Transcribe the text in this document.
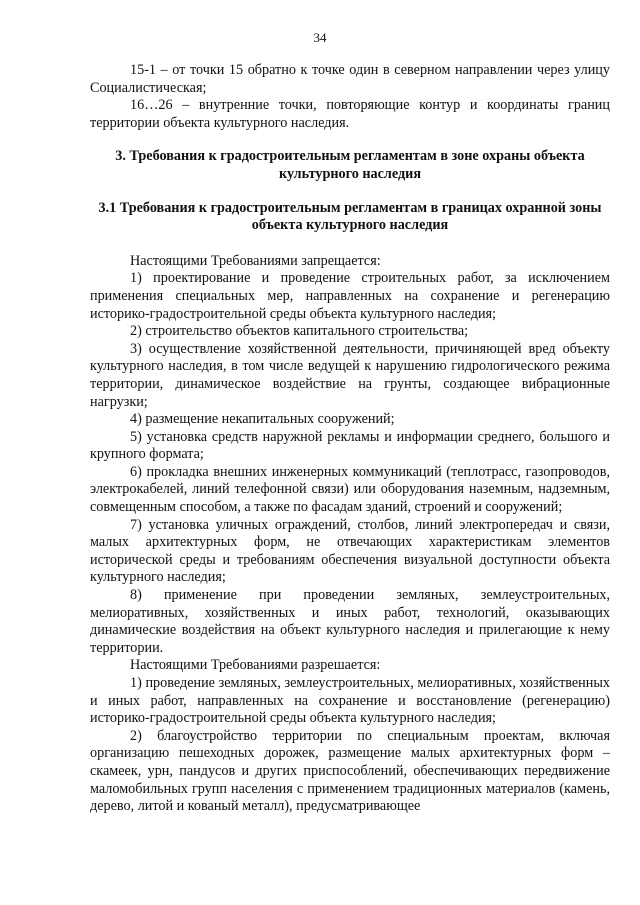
34

15-1 – от точки 15 обратно к точке один в северном направлении через улицу Социалистическая;

16…26 – внутренние точки, повторяющие контур и координаты границ территории объекта культурного наследия.

3. Требования к градостроительным регламентам в зоне охраны объекта культурного наследия

3.1 Требования к градостроительным регламентам в границах охранной зоны объекта культурного наследия

Настоящими Требованиями запрещается:

1) проектирование и проведение строительных работ, за исключением применения специальных мер, направленных на сохранение и регенерацию историко-градостроительной среды объекта культурного наследия;

2) строительство объектов капитального строительства;

3) осуществление хозяйственной деятельности, причиняющей вред объекту культурного наследия, в том числе ведущей к нарушению гидрологического режима территории, динамическое воздействие на грунты, создающее вибрационные нагрузки;

4) размещение некапитальных сооружений;

5) установка средств наружной рекламы и информации среднего, большого и крупного формата;

6) прокладка внешних инженерных коммуникаций (теплотрасс, газопроводов, электрокабелей, линий телефонной связи) или оборудования наземным, надземным, совмещенным способом, а также по фасадам зданий, строений и сооружений;

7) установка уличных ограждений, столбов, линий электропередач и связи, малых архитектурных форм, не отвечающих характеристикам элементов исторической среды и требованиям обеспечения визуальной доступности объекта культурного наследия;

8) применение при проведении земляных, землеустроительных, мелиоративных, хозяйственных и иных работ, технологий, оказывающих динамические воздействия на объект культурного наследия и прилегающие к нему территории.

Настоящими Требованиями разрешается:

1) проведение земляных, землеустроительных, мелиоративных, хозяйственных и иных работ, направленных на сохранение и восстановление (регенерацию) историко-градостроительной среды объекта культурного наследия;

2) благоустройство территории по специальным проектам, включая организацию пешеходных дорожек, размещение малых архитектурных форм – скамеек, урн, пандусов и других приспособлений, обеспечивающих передвижение маломобильных групп населения с применением традиционных материалов (камень, дерево, литой и кованый металл), предусматривающее
